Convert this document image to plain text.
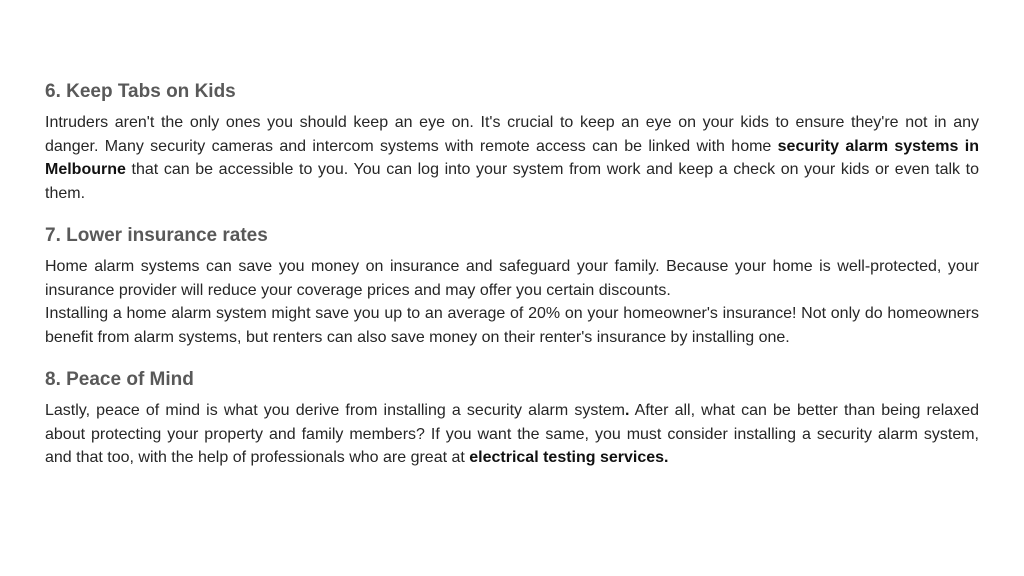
6. Keep Tabs on Kids

Intruders aren't the only ones you should keep an eye on. It's crucial to keep an eye on your kids to ensure they're not in any danger. Many security cameras and intercom systems with remote access can be linked with home security alarm systems in Melbourne that can be accessible to you. You can log into your system from work and keep a check on your kids or even talk to them.

7. Lower insurance rates

Home alarm systems can save you money on insurance and safeguard your family. Because your home is well-protected, your insurance provider will reduce your coverage prices and may offer you certain discounts.

Installing a home alarm system might save you up to an average of 20% on your homeowner's insurance! Not only do homeowners benefit from alarm systems, but renters can also save money on their renter's insurance by installing one.

8. Peace of Mind

Lastly, peace of mind is what you derive from installing a security alarm system. After all, what can be better than being relaxed about protecting your property and family members? If you want the same, you must consider installing a security alarm system, and that too, with the help of professionals who are great at electrical testing services.
